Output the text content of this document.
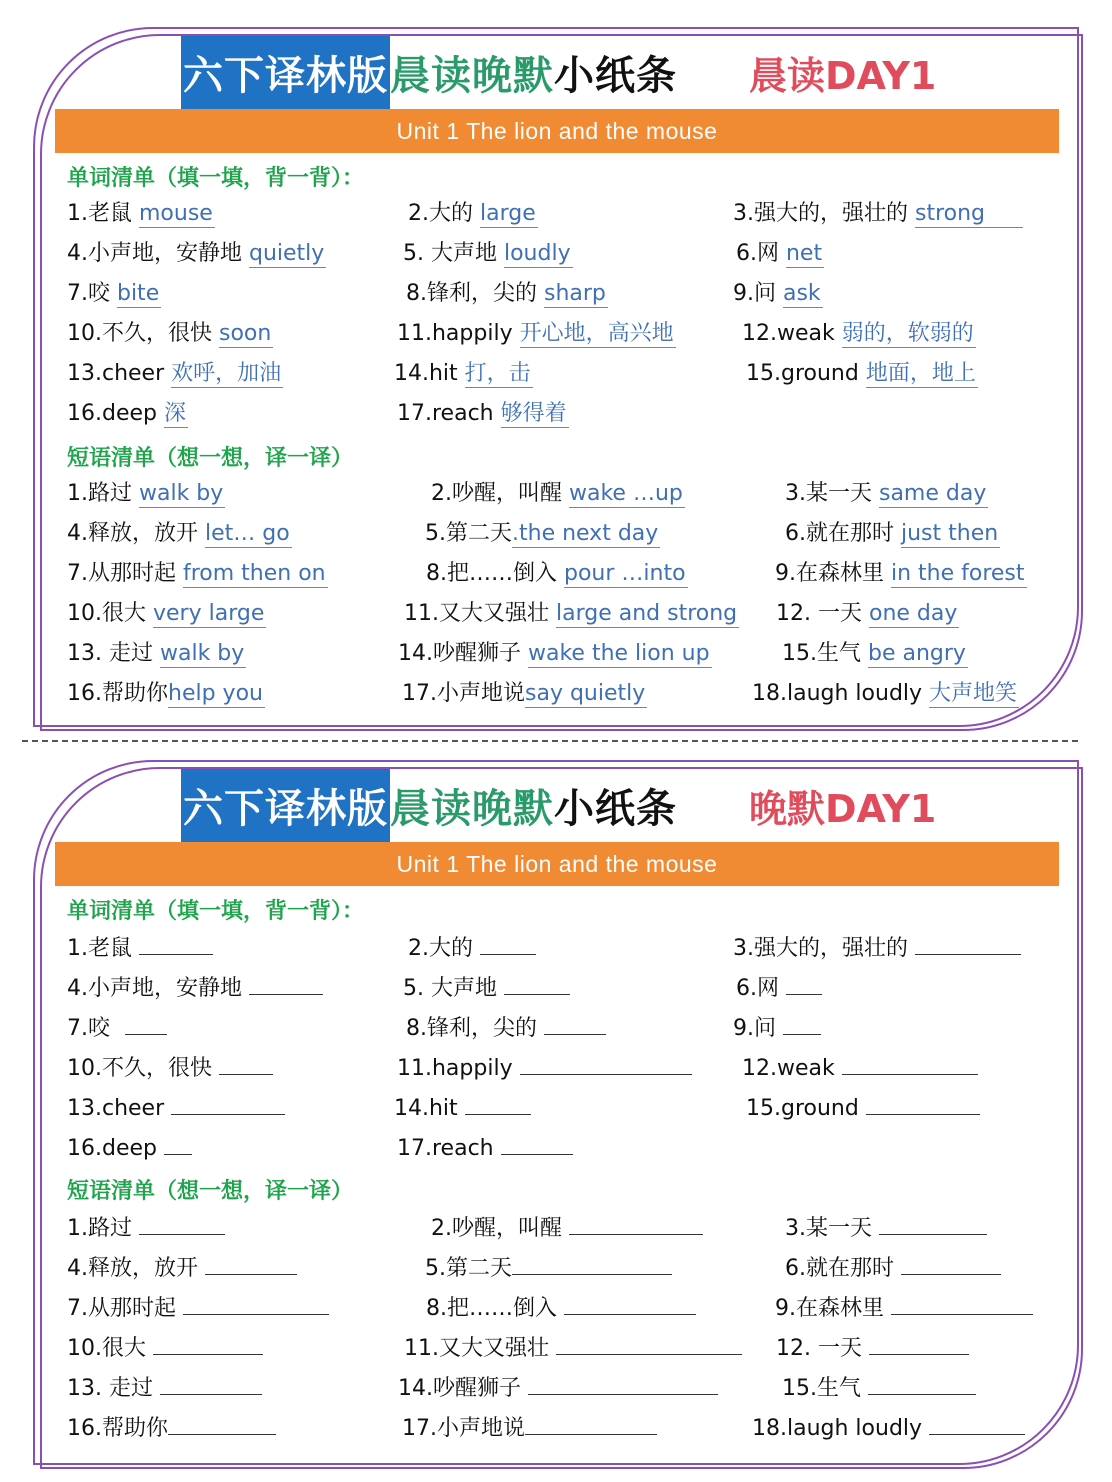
六下译林版 晨读晚默 小纸条 晨读DAY1
Unit 1 The lion and the mouse
单词清单（填一填，背一背）：
短语清单（想一想，译一译）
1.老鼠 mouse	2.大的 large	3.强大的，强壮的 strong
4.小声地，安静地 quietly	5. 大声地 loudly	6.网 net
7.咬 bite	8.锋利，尖的 sharp	9.问 ask
10.不久，很快 soon	11.happily 开心地，高兴地	12.weak 弱的，软弱的
13.cheer 欢呼，加油	14.hit 打，击	15.ground 地面，地上
16.deep 深	17.reach 够得着
1.路过 walk by	2.吵醒，叫醒 wake …up	3.某一天 same day
4.释放，放开 let… go	5.第二天.the next day	6.就在那时 just then
7.从那时起 from then on	8.把……倒入 pour …into	9.在森林里 in the forest
10.很大 very large	11.又大又强壮 large and strong 12. 一天 one day
13. 走过 walk by	14.吵醒狮子 wake the lion up	15.生气 be angry
16.帮助你help you	17.小声地说say quietly	18.laugh loudly 大声地笑
六下译林版 晨读晚默 小纸条 晚默DAY1
Unit 1 The lion and the mouse
单词清单（填一填，背一背）：
短语清单（想一想，译一译）
1.老鼠	2.大的	3.强大的，强壮的
4.小声地，安静地	5. 大声地	6.网
7.咬	8.锋利，尖的	9.问
10.不久，很快	11.happily	12.weak
13.cheer	14.hit	15.ground
16.deep	17.reach
1.路过	2.吵醒，叫醒	3.某一天
4.释放，放开	5.第二天	6.就在那时
7.从那时起	8.把……倒入	9.在森林里
10.很大	11.又大又强壮	12. 一天
13. 走过	14.吵醒狮子	15.生气
16.帮助你	17.小声地说	18.laugh loudly
